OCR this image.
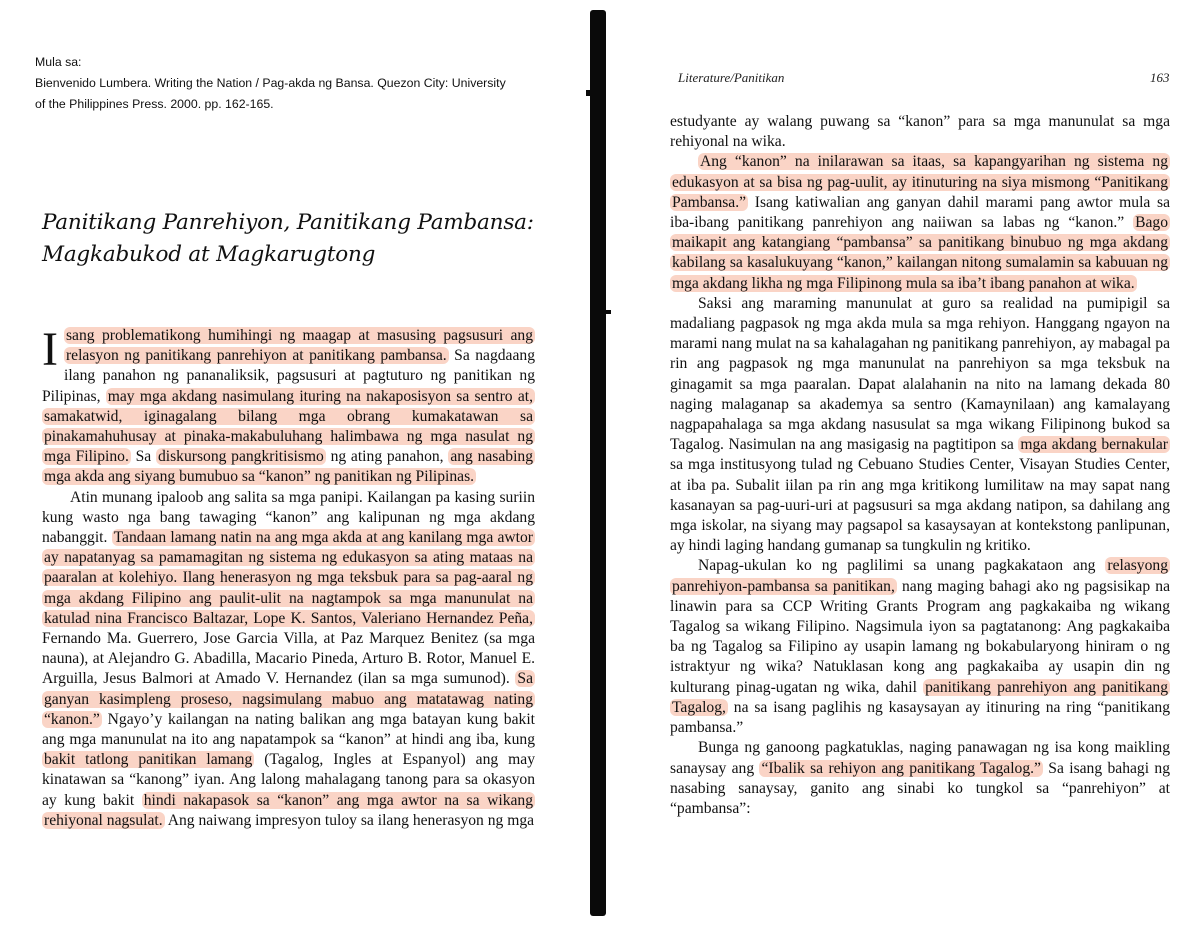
Mula sa:
Bienvenido Lumbera. Writing the Nation / Pag-akda ng Bansa. Quezon City: University
of the Philippines Press. 2000. pp. 162-165.
Panitikang Panrehiyon, Panitikang Pambansa:
Magkabukod at Magkarugtong

Isang problematikong humihingi ng maagap at masusing pagsusuri ang relasyon ng panitikang panrehiyon at panitikang pambansa. Sa nagdaang ilang panahon ng pananaliksik, pagsusuri at pagtuturo ng panitikan ng Pilipinas, may mga akdang nasimulang ituring na nakaposisyon sa sentro at, samakatwid, iginagalang bilang mga obrang kumakatawan sa pinakamahuhusay at pinaka-makabuluhang halimbawa ng mga nasulat ng mga Filipino. Sa diskursong pangkritisismo ng ating panahon, ang nasabing mga akda ang siyang bumubuo sa “kanon” ng panitikan ng Pilipinas.

Atin munang ipaloob ang salita sa mga panipi. Kailangan pa kasing suriin kung wasto nga bang tawaging “kanon” ang kalipunan ng mga akdang nabanggit. Tandaan lamang natin na ang mga akda at ang kanilang mga awtor ay napatanyag sa pamamagitan ng sistema ng edukasyon sa ating mataas na paaralan at kolehiyo. Ilang henerasyon ng mga teksbuk para sa pag-aaral ng mga akdang Filipino ang paulit-ulit na nagtampok sa mga manunulat na katulad nina Francisco Baltazar, Lope K. Santos, Valeriano Hernandez Peña, Fernando Ma. Guerrero, Jose Garcia Villa, at Paz Marquez Benitez (sa mga nauna), at Alejandro G. Abadilla, Macario Pineda, Arturo B. Rotor, Manuel E. Arguilla, Jesus Balmori at Amado V. Hernandez (ilan sa mga sumunod). Sa ganyan kasimpleng proseso, nagsimulang mabuo ang matatawag nating “kanon.” Ngayo’y kailangan na nating balikan ang mga batayan kung bakit ang mga manunulat na ito ang napatampok sa “kanon” at hindi ang iba, kung bakit tatlong panitikan lamang (Tagalog, Ingles at Espanyol) ang may kinatawan sa “kanong” iyan. Ang lalong mahalagang tanong para sa okasyon ay kung bakit hindi nakapasok sa “kanon” ang mga awtor na sa wikang rehiyonal nagsulat. Ang naiwang impresyon tuloy sa ilang henerasyon ng mga

Literature/Panitikan	163

estudyante ay walang puwang sa “kanon” para sa mga manunulat sa mga rehiyonal na wika.

Ang “kanon” na inilarawan sa itaas, sa kapangyarihan ng sistema ng edukasyon at sa bisa ng pag-uulit, ay itinuturing na siya mismong “Panitikang Pambansa.” Isang katiwalian ang ganyan dahil marami pang awtor mula sa iba-ibang panitikang panrehiyon ang naiiwan sa labas ng “kanon.” Bago maikapit ang katangiang “pambansa” sa panitikang binubuo ng mga akdang kabilang sa kasalukuyang “kanon,” kailangan nitong sumalamin sa kabuuan ng mga akdang likha ng mga Filipinong mula sa iba’t ibang panahon at wika.

Saksi ang maraming manunulat at guro sa realidad na pumipigil sa madaliang pagpasok ng mga akda mula sa mga rehiyon. Hanggang ngayon na marami nang mulat na sa kahalagahan ng panitikang panrehiyon, ay mabagal pa rin ang pagpasok ng mga manunulat na panrehiyon sa mga teksbuk na ginagamit sa mga paaralan. Dapat alalahanin na nito na lamang dekada 80 naging malaganap sa akademya sa sentro (Kamaynilaan) ang kamalayang nagpapahalaga sa mga akdang nasusulat sa mga wikang Filipinong bukod sa Tagalog. Nasimulan na ang masigasig na pagtitipon sa mga akdang bernakular sa mga institusyong tulad ng Cebuano Studies Center, Visayan Studies Center, at iba pa. Subalit iilan pa rin ang mga kritikong lumilitaw na may sapat nang kasanayan sa pag-uuri-uri at pagsusuri sa mga akdang natipon, sa dahilang ang mga iskolar, na siyang may pagsapol sa kasaysayan at kontekstong panlipunan, ay hindi laging handang gumanap sa tungkulin ng kritiko.

Napag-ukulan ko ng paglilimi sa unang pagkakataon ang relasyong panrehiyon-pambansa sa panitikan, nang maging bahagi ako ng pagsisikap na linawin para sa CCP Writing Grants Program ang pagkakaiba ng wikang Tagalog sa wikang Filipino. Nagsimula iyon sa pagtatanong: Ang pagkakaiba ba ng Tagalog sa Filipino ay usapin lamang ng bokabularyong hiniram o ng istraktyur ng wika? Natuklasan kong ang pagkakaiba ay usapin din ng kulturang pinag-ugatan ng wika, dahil panitikang panrehiyon ang panitikang Tagalog, na sa isang paglihis ng kasaysayan ay itinuring na ring “panitikang pambansa.”

Bunga ng ganoong pagkatuklas, naging panawagan ng isa kong maikling sanaysay ang “Ibalik sa rehiyon ang panitikang Tagalog.” Sa isang bahagi ng nasabing sanaysay, ganito ang sinabi ko tungkol sa “panrehiyon” at “pambansa”:
